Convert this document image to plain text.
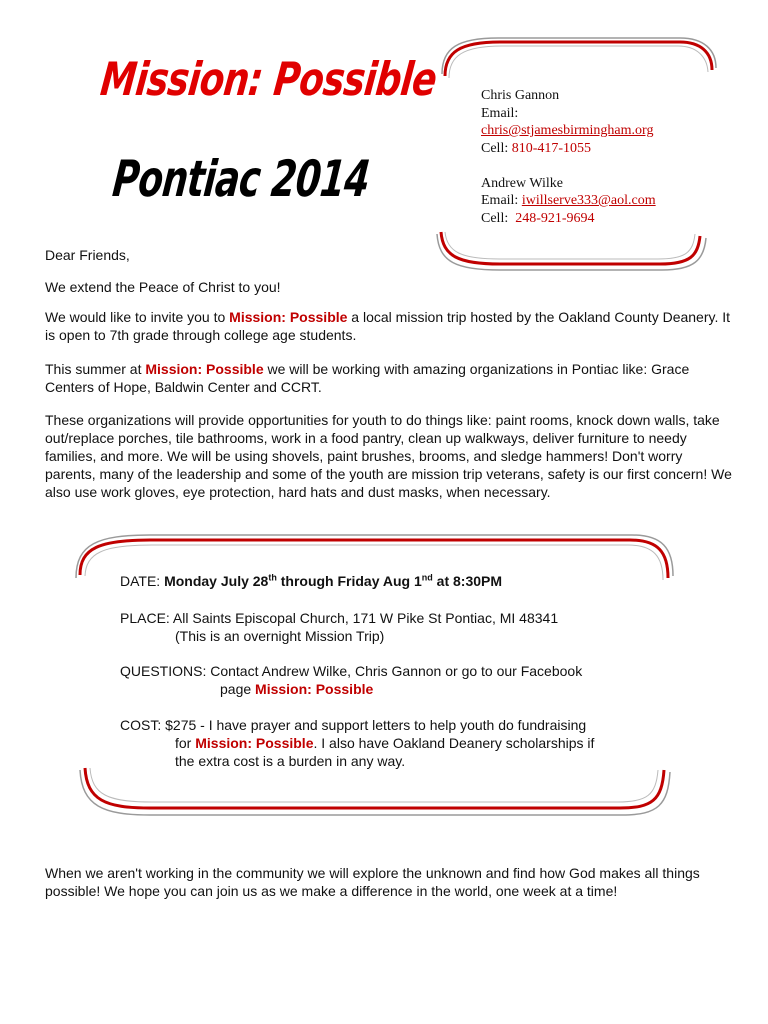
Mission: Possible
Pontiac 2014
Chris Gannon
Email:
chris@stjamesbirmingham.org
Cell: 810-417-1055
Andrew Wilke
Email: iwillserve333@aol.com
Cell: 248-921-9694
Dear Friends,
We extend the Peace of Christ to you!

We would like to invite you to Mission: Possible a local mission trip hosted by the Oakland County Deanery. It is open to 7th grade through college age students.

This summer at Mission: Possible we will be working with amazing organizations in Pontiac like: Grace Centers of Hope, Baldwin Center and CCRT.

These organizations will provide opportunities for youth to do things like: paint rooms, knock down walls, take out/replace porches, tile bathrooms, work in a food pantry, clean up walkways, deliver furniture to needy families, and more. We will be using shovels, paint brushes, brooms, and sledge hammers! Don't worry parents, many of the leadership and some of the youth are mission trip veterans, safety is our first concern! We also use work gloves, eye protection, hard hats and dust masks, when necessary.
DATE: Monday July 28th through Friday Aug 1nd at 8:30PM
PLACE: All Saints Episcopal Church, 171 W Pike St Pontiac, MI 48341
(This is an overnight Mission Trip)
QUESTIONS: Contact Andrew Wilke, Chris Gannon or go to our Facebook
page Mission: Possible
COST: $275 - I have prayer and support letters to help youth do fundraising
for Mission: Possible. I also have Oakland Deanery scholarships if
the extra cost is a burden in any way.
When we aren't working in the community we will explore the unknown and find how God makes all things possible! We hope you can join us as we make a difference in the world, one week at a time!
